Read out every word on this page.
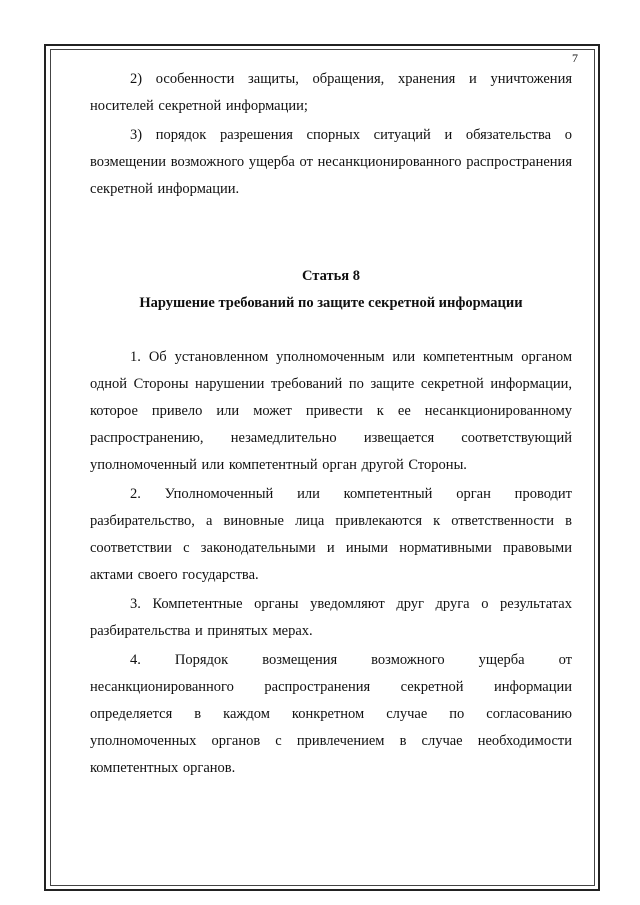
7

2) особенности защиты, обращения, хранения и уничтожения носителей секретной информации;

3) порядок разрешения спорных ситуаций и обязательства о возмещении возможного ущерба от несанкционированного распространения секретной информации.

Статья 8

Нарушение требований по защите секретной информации

1. Об установленном уполномоченным или компетентным органом одной Стороны нарушении требований по защите секретной информации, которое привело или может привести к ее несанкционированному распространению, незамедлительно извещается соответствующий уполномоченный или компетентный орган другой Стороны.

2. Уполномоченный или компетентный орган проводит разбирательство, а виновные лица привлекаются к ответственности в соответствии с законодательными и иными нормативными правовыми актами своего государства.

3. Компетентные органы уведомляют друг друга о результатах разбирательства и принятых мерах.

4. Порядок возмещения возможного ущерба от несанкционированного распространения секретной информации определяется в каждом конкретном случае по согласованию уполномоченных органов с привлечением в случае необходимости компетентных органов.
